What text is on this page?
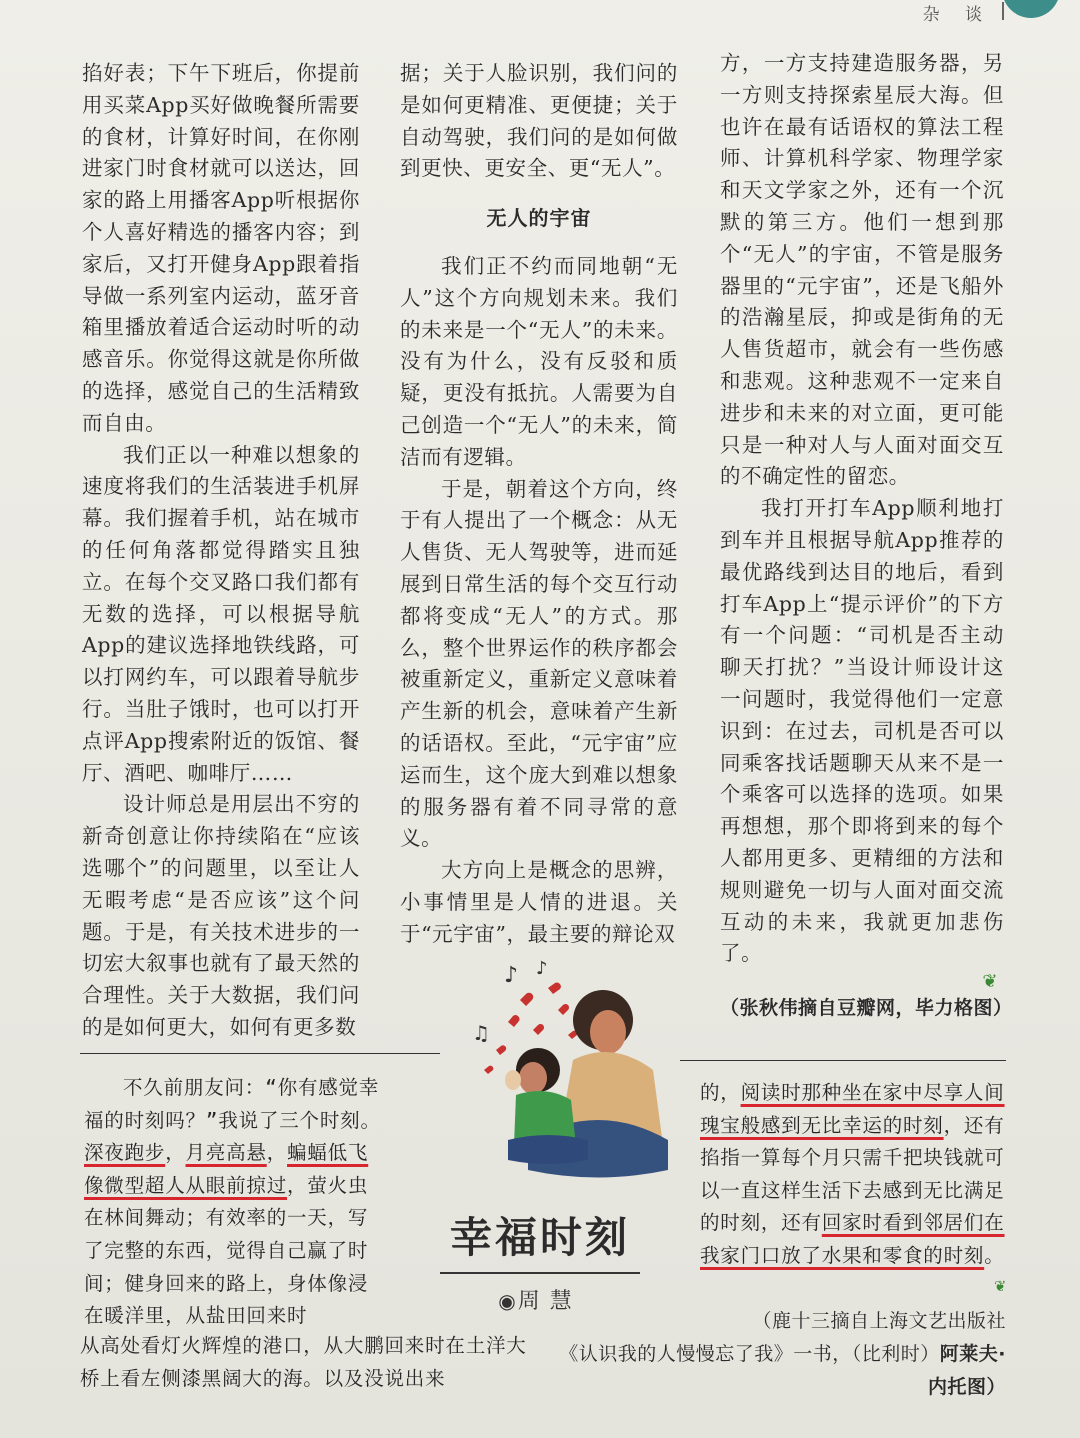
杂 谈

掐好表；下午下班后，你提前用买菜App买好做晚餐所需要的食材，计算好时间，在你刚进家门时食材就可以送达，回家的路上用播客App听根据你个人喜好精选的播客内容；到家后，又打开健身App跟着指导做一系列室内运动，蓝牙音箱里播放着适合运动时听的动感音乐。你觉得这就是你所做的选择，感觉自己的生活精致而自由。

我们正以一种难以想象的速度将我们的生活装进手机屏幕。我们握着手机，站在城市的任何角落都觉得踏实且独立。在每个交叉路口我们都有无数的选择，可以根据导航App的建议选择地铁线路，可以打网约车，可以跟着导航步行。当肚子饿时，也可以打开点评App搜索附近的饭馆、餐厅、酒吧、咖啡厅……

设计师总是用层出不穷的新奇创意让你持续陷在“应该选哪个”的问题里，以至让人无暇考虑“是否应该”这个问题。于是，有关技术进步的一切宏大叙事也就有了最天然的合理性。关于大数据，我们问的是如何更大，如何有更多数

据；关于人脸识别，我们问的是如何更精准、更便捷；关于自动驾驶，我们问的是如何做到更快、更安全、更“无人”。

无人的宇宙

我们正不约而同地朝“无人”这个方向规划未来。我们的未来是一个“无人”的未来。没有为什么，没有反驳和质疑，更没有抵抗。人需要为自己创造一个“无人”的未来，简洁而有逻辑。

于是，朝着这个方向，终于有人提出了一个概念：从无人售货、无人驾驶等，进而延展到日常生活的每个交互行动都将变成“无人”的方式。那么，整个世界运作的秩序都会被重新定义，重新定义意味着产生新的机会，意味着产生新的话语权。至此，“元宇宙”应运而生，这个庞大到难以想象的服务器有着不同寻常的意义。

大方向上是概念的思辨，小事情里是人情的进退。关于“元宇宙”，最主要的辩论双

方，一方支持建造服务器，另一方则支持探索星辰大海。但也许在最有话语权的算法工程师、计算机科学家、物理学家和天文学家之外，还有一个沉默的第三方。他们一想到那个“无人”的宇宙，不管是服务器里的“元宇宙”，还是飞船外的浩瀚星辰，抑或是街角的无人售货超市，就会有一些伤感和悲观。这种悲观不一定来自进步和未来的对立面，更可能只是一种对人与人面对面交互的不确定性的留恋。

我打开打车App顺利地打到车并且根据导航App推荐的最优路线到达目的地后，看到打车App上“提示评价”的下方有一个问题：“司机是否主动聊天打扰？”当设计师设计这一问题时，我觉得他们一定意识到：在过去，司机是否可以同乘客找话题聊天从来不是一个乘客可以选择的选项。如果再想想，那个即将到来的每个人都用更多、更精细的方法和规则避免一切与人面对面交流互动的未来，我就更加悲伤了。

❦
（张秋伟摘自豆瓣网，毕力格图）
♪
♫
♪
幸福时刻
◉周慧

不久前朋友问：“你有感觉幸福的时刻吗？”我说了三个时刻。深夜跑步，月亮高悬，蝙蝠低飞像微型超人从眼前掠过，萤火虫在林间舞动；有效率的一天，写了完整的东西，觉得自己赢了时间；健身回来的路上，身体像浸在暖洋里，从盐田回来时

从高处看灯火辉煌的港口，从大鹏回来时在土洋大桥上看左侧漆黑阔大的海。以及没说出来

的，阅读时那种坐在家中尽享人间瑰宝般感到无比幸运的时刻，还有掐指一算每个月只需千把块钱就可以一直这样生活下去感到无比满足的时刻，还有回家时看到邻居们在我家门口放了水果和零食的时刻。

❦
（鹿十三摘自上海文艺出版社
《认识我的人慢慢忘了我》一书，（比利时）阿莱夫·内托图）
